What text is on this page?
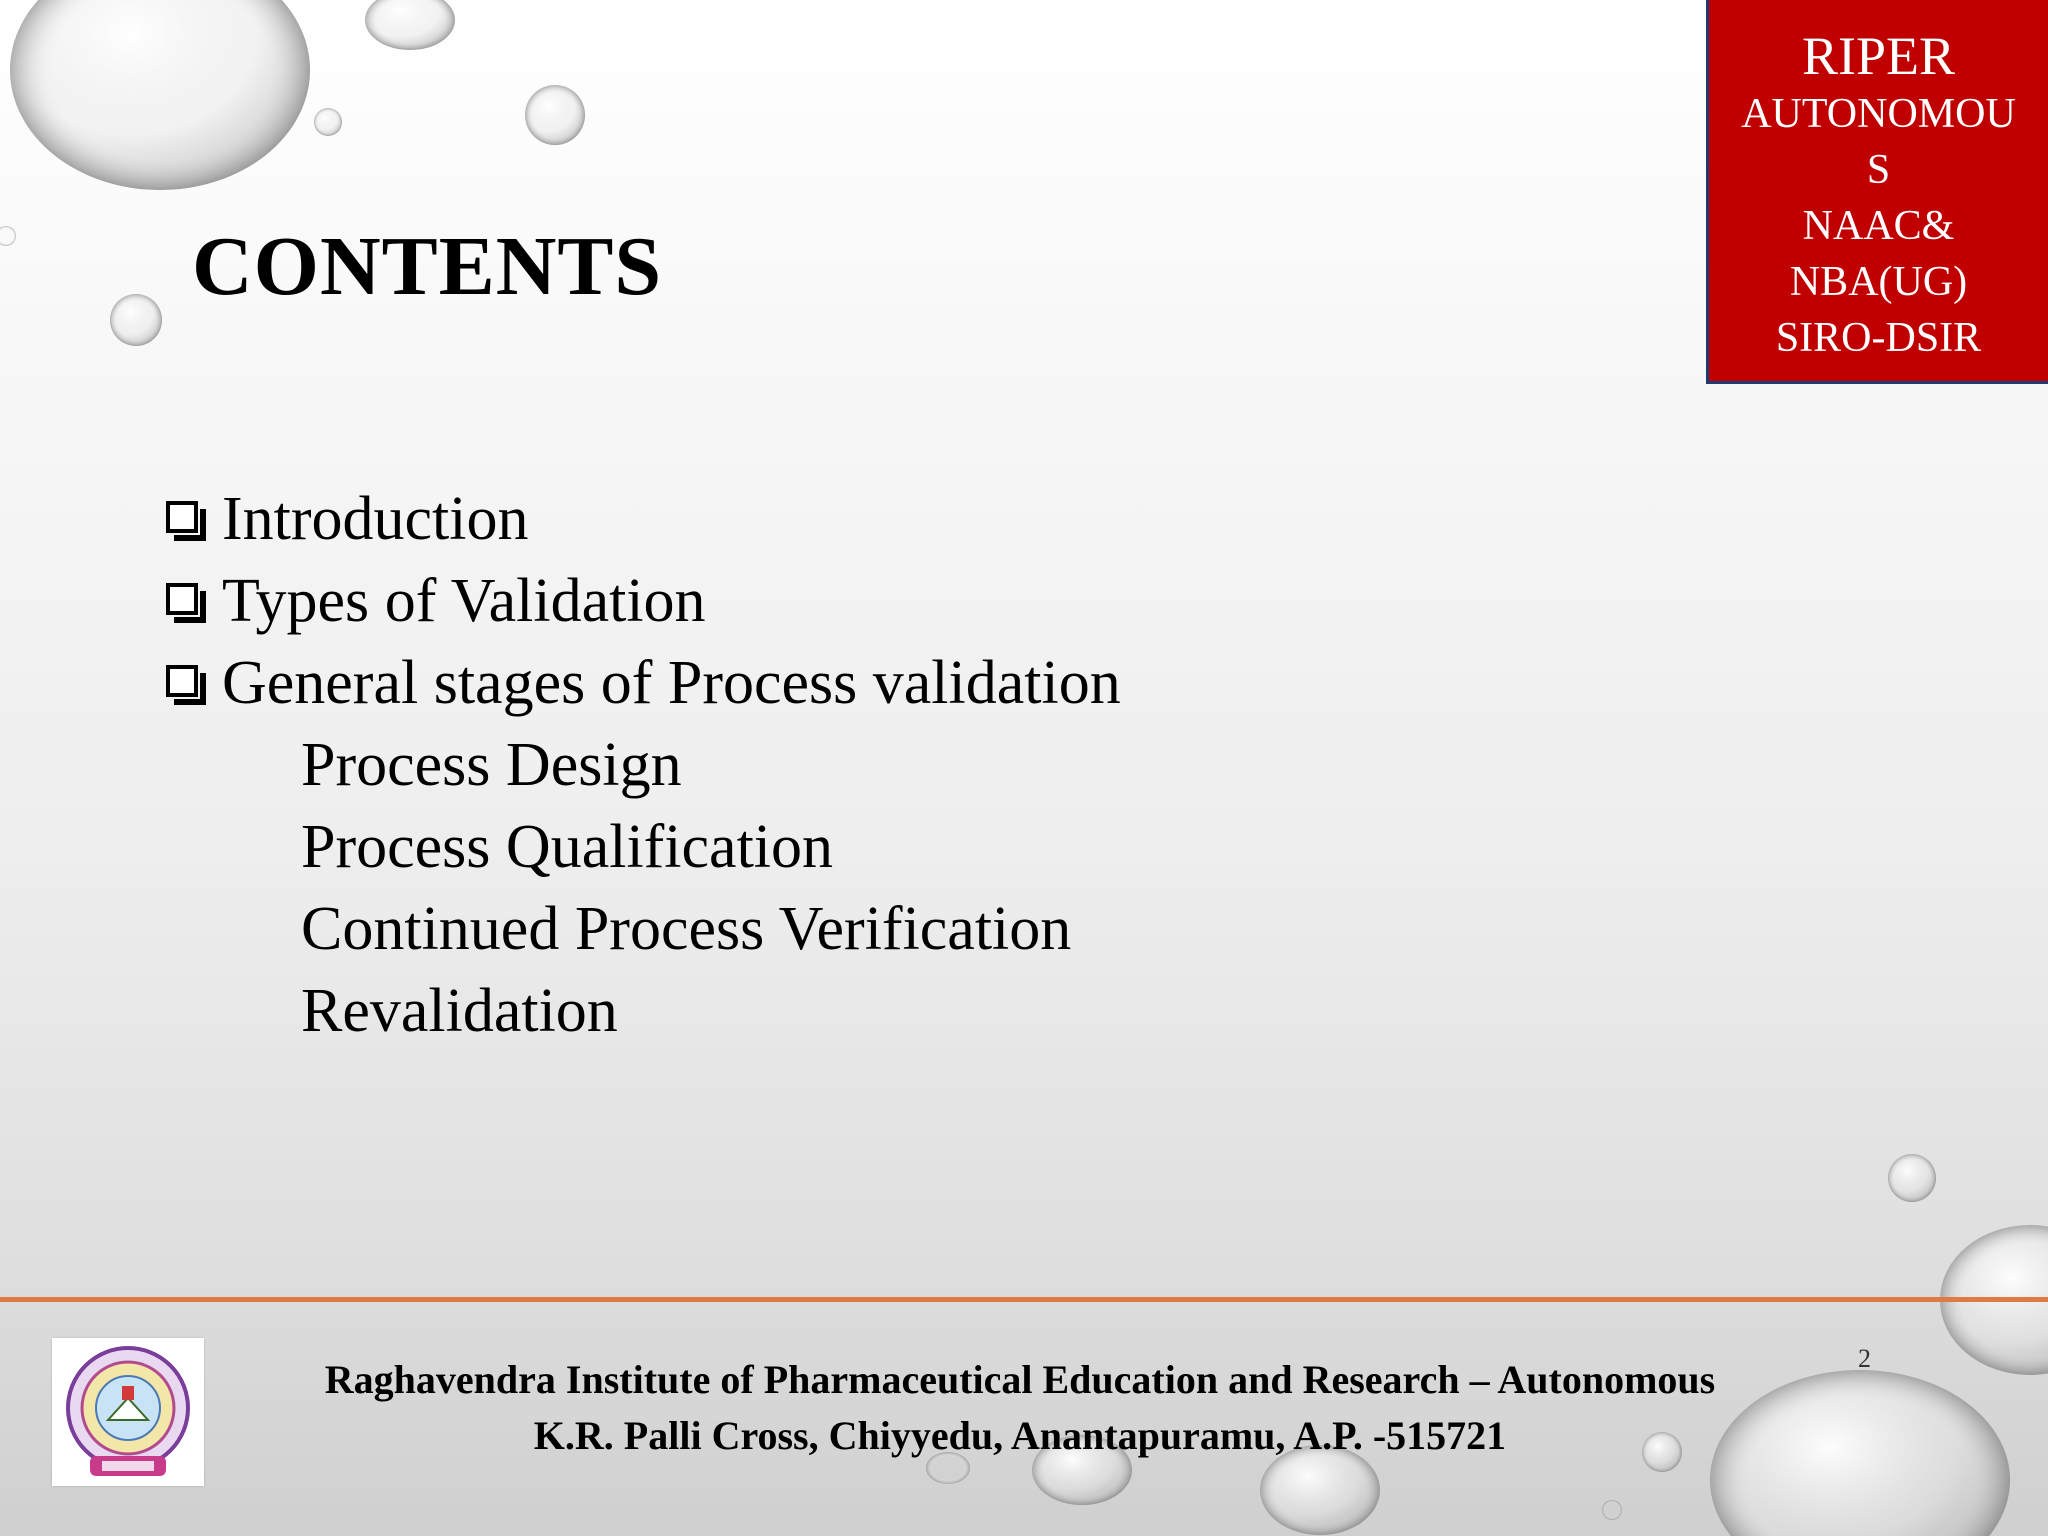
CONTENTS
RIPER
AUTONOMOU
S
NAAC&
NBA(UG)
SIRO-DSIR
Introduction
Types of Validation
General stages of Process validation
Process Design
Process Qualification
Continued Process Verification
Revalidation
Raghavendra Institute of Pharmaceutical Education and Research – Autonomous
K.R. Palli Cross, Chiyyedu, Anantapuramu, A.P. -515721
2
